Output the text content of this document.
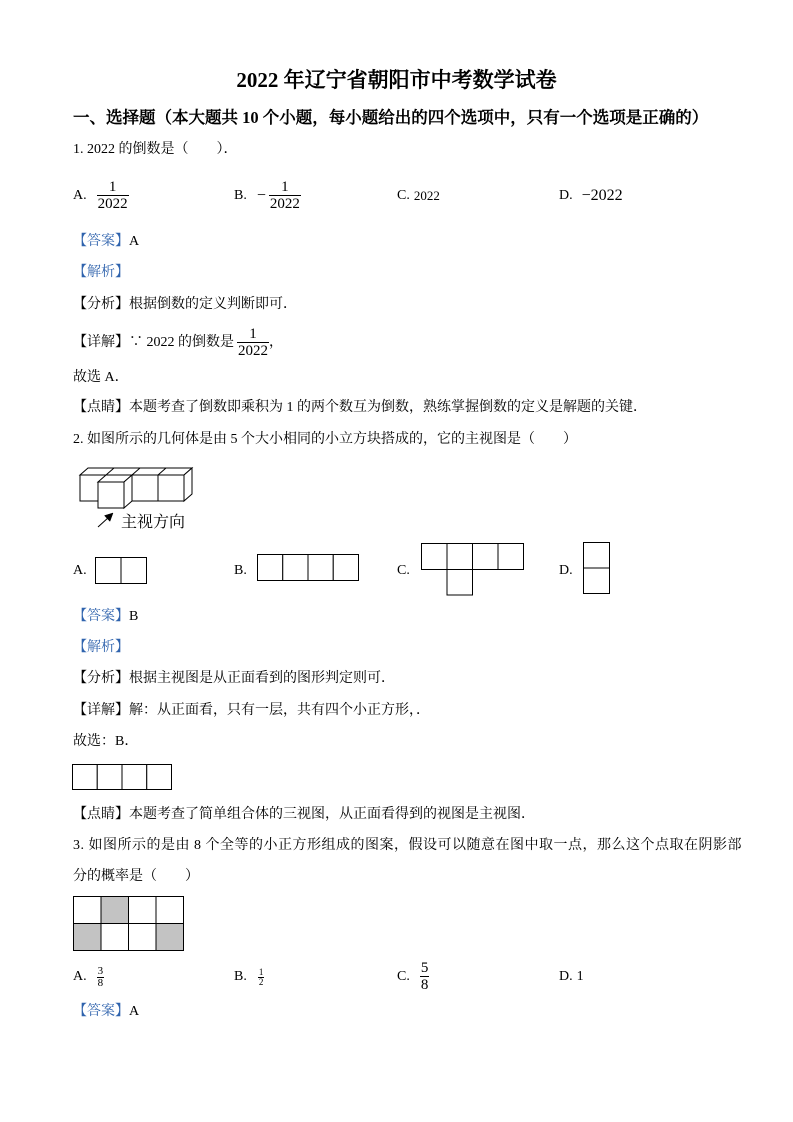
2022 年辽宁省朝阳市中考数学试卷
一、选择题（本大题共 10 个小题，每小题给出的四个选项中，只有一个选项是正确的）
1. 2022 的倒数是（　　）．
A. $\frac{1}{2022}$	B. − $\frac{1}{2022}$	C. 2022	D. −2022
【答案】A
【解析】
【分析】根据倒数的定义判断即可．
【详解】 ∵ 2022 的倒数是 $\frac{1}{2022}$ ，
故选 A．
【点睛】本题考查了倒数即乘积为 1 的两个数互为倒数，熟练掌握倒数的定义是解题的关键．
2. 如图所示的几何体是由 5 个大小相同的小立方块搭成的，它的主视图是（　　）
主视方向
A.	B.	C.	D.
【答案】B
【解析】
【分析】根据主视图是从正面看到的图形判定则可．
【详解】解：从正面看，只有一层，共有四个小正方形，．
故选：B．
【点睛】本题考查了简单组合体的三视图，从正面看得到的视图是主视图．
3. 如图所示的是由 8 个全等的小正方形组成的图案，假设可以随意在图中取一点，那么这个点取在阴影部
分的概率是（　　）
A. $\frac{3}{8}$	B. $\frac{1}{2}$	C. $\frac{5}{8}$	D. 1
【答案】A
